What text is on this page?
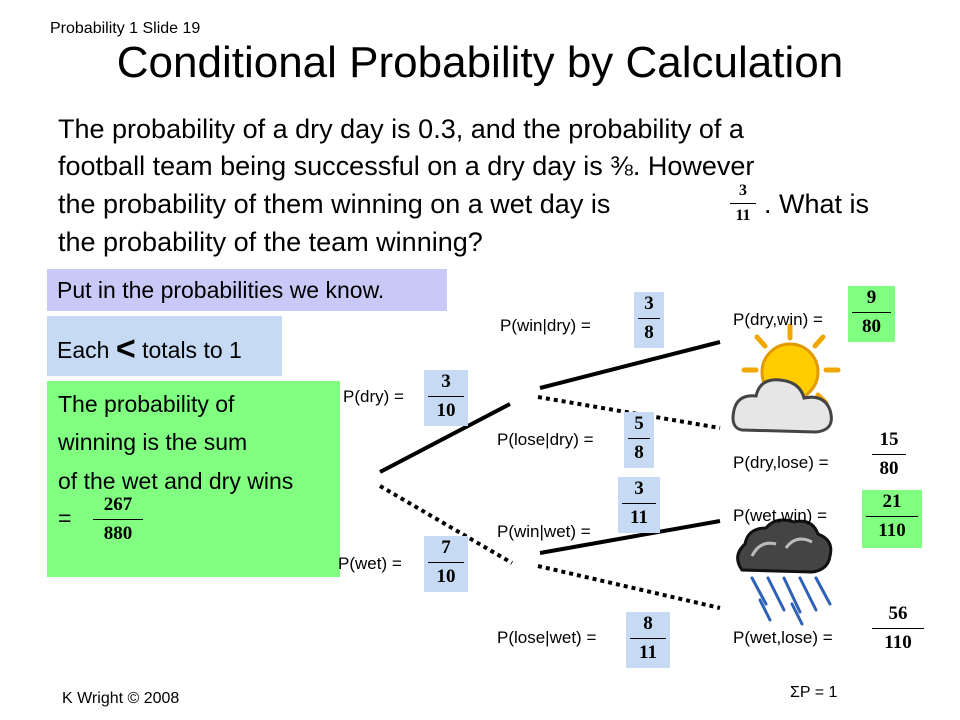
Probability 1 Slide 19
Conditional Probability by Calculation
The probability of a dry day is 0.3, and the probability of a
football team being successful on a dry day is ⅜. However
the probability of them winning on a wet day is	3
11 . What is
the probability of the team winning?
Put in the probabilities we know.
Each < totals to 1
The probability of
winning is the sum
of the wet and dry wins
=
267
880
P(dry) =
3
10
P(wet) =
7
10
P(win|dry) =
3
8
P(lose|dry) =
5
8
P(win|wet) =
3
11
P(lose|wet) =
8
11
P(dry,win) =
9
80
P(dry,lose) =
15
80
P(wet,win) =
21
110
P(wet,lose) =
56
110
ΣP = 1
K Wright © 2008
